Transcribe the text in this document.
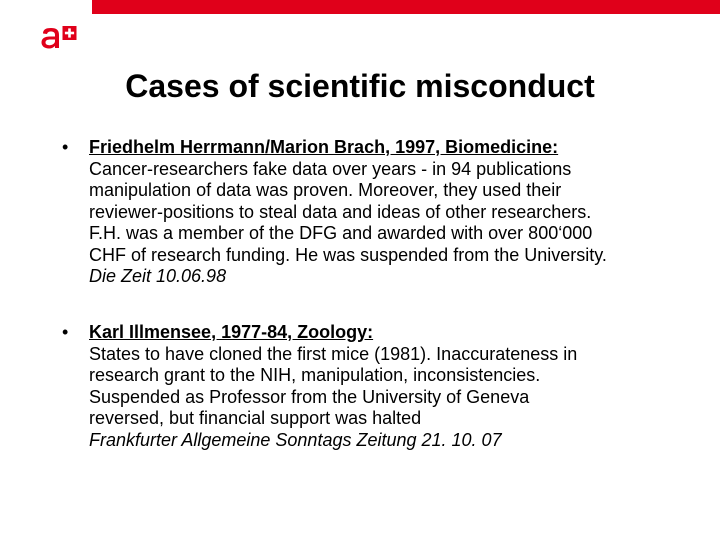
Cases of scientific misconduct
• Friedhelm Herrmann/Marion Brach, 1997, Biomedicine:
Cancer-researchers fake data over years - in 94 publications
manipulation of data was proven. Moreover, they used their
reviewer-positions to steal data and ideas of other researchers.
F.H. was a member of the DFG and awarded with over 800‘000
CHF of research funding. He was suspended from the University.
Die Zeit 10.06.98
• Karl Illmensee, 1977-84, Zoology:
States to have cloned the first mice (1981). Inaccurateness in
research grant to the NIH, manipulation, inconsistencies.
Suspended as Professor from the University of Geneva
reversed, but financial support was halted
Frankfurter Allgemeine Sonntags Zeitung 21. 10. 07
